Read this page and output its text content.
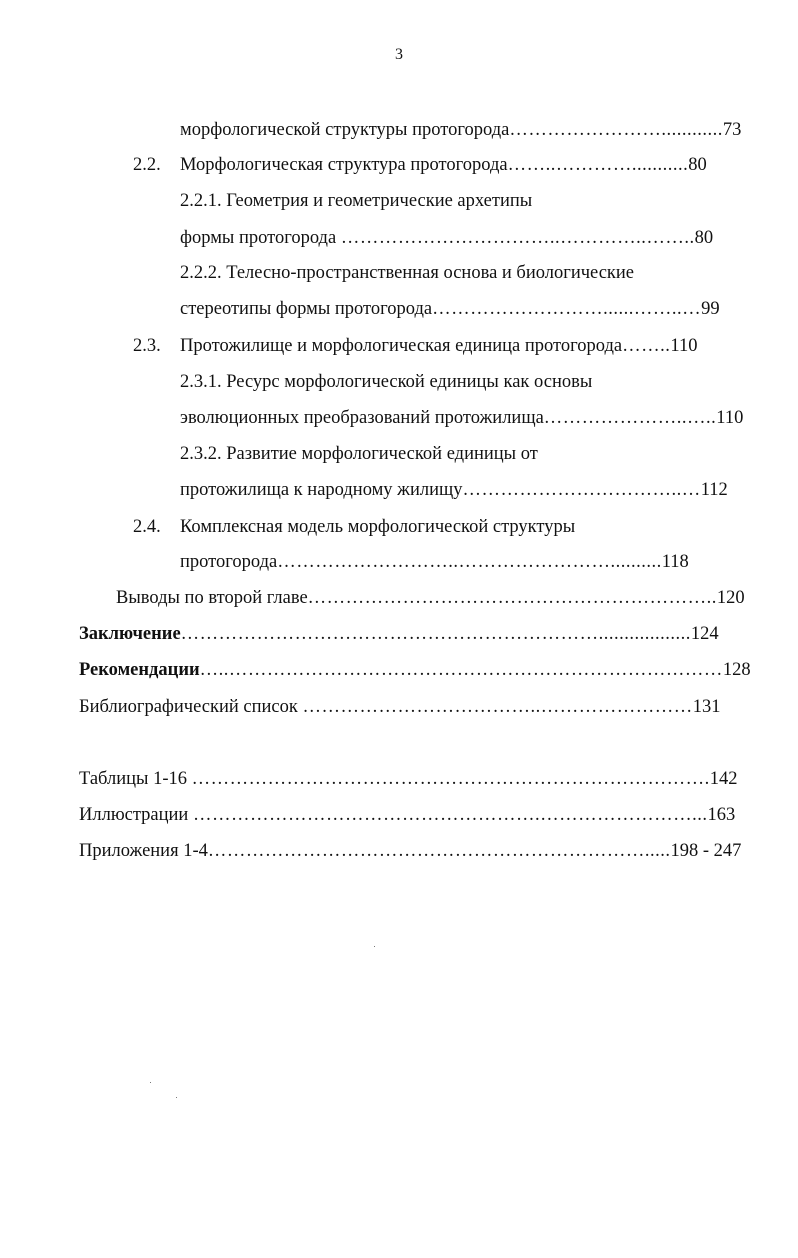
3
морфологической структуры протогорода……………………............73
2.2. Морфологическая структура протогорода……..…………...........80
2.2.1. Геометрия и геометрические архетипы
формы протогорода ……………………………..…………..……..80
2.2.2. Телесно-пространственная основа и биологические
стереотипы формы протогорода………………………......……..…99
2.3. Протожилище и морфологическая единица протогорода……..110
2.3.1. Ресурс морфологической единицы как основы
эволюционных преобразований протожилища…………………..…..110
2.3.2. Развитие морфологической единицы от
протожилища к народному жилищу……………………………..…112
2.4. Комплексная модель морфологической структуры
протогорода………………………..……………………..........118
Выводы по второй главе………………………………………………………..120
Заключение…………………………………………………………..................124
Рекомендации…..……………………………………………………………………128
Библиографический список ………………………………..……………………131
Таблицы 1-16 ……………………………………………………………………….142
Иллюстрации ……………………………………………….……………………...163
Приложения 1-4…………………………………………………………….....198 - 247
